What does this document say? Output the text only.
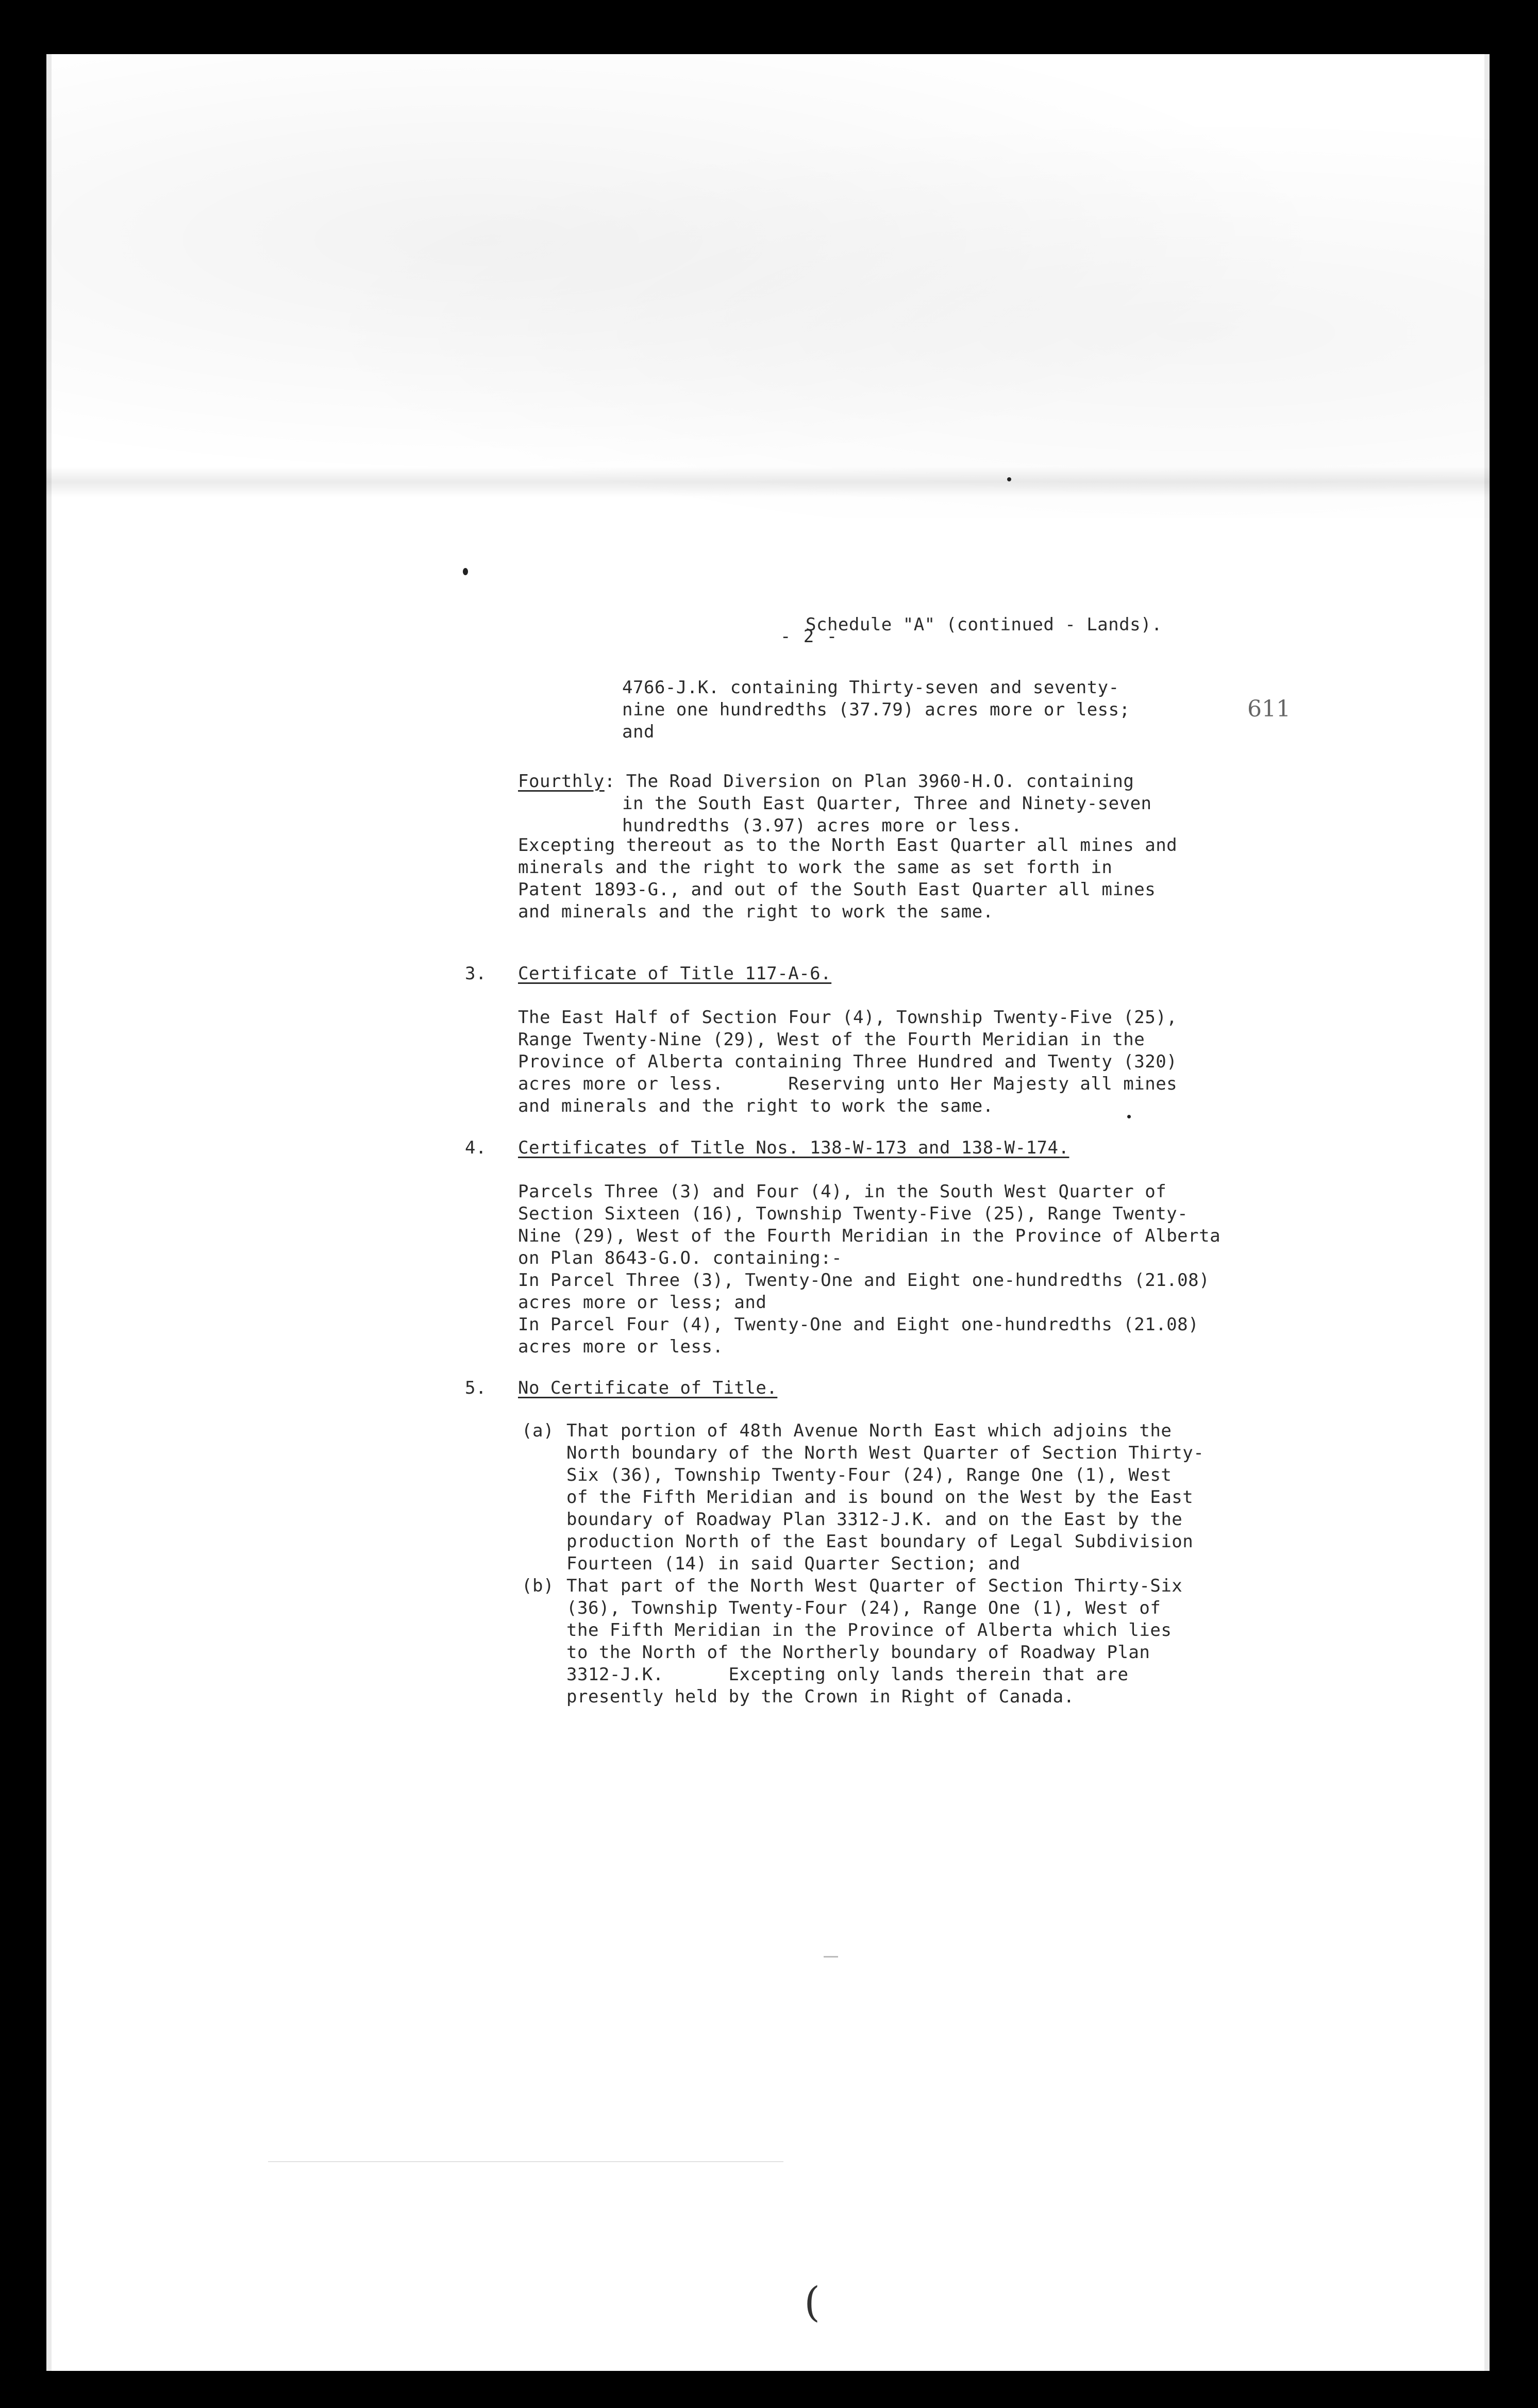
- 2 -
611
Schedule "A" (continued - Lands).
4766-J.K. containing Thirty-seven and seventy-
nine one hundredths (37.79) acres more or less;
and
Fourthly: The Road Diversion on Plan 3960-H.O. containing
in the South East Quarter, Three and Ninety-seven
hundredths (3.97) acres more or less.
Excepting thereout as to the North East Quarter all mines and
minerals and the right to work the same as set forth in
Patent 1893-G., and out of the South East Quarter all mines
and minerals and the right to work the same.
3. Certificate of Title 117-A-6.
The East Half of Section Four (4), Township Twenty-Five (25),
Range Twenty-Nine (29), West of the Fourth Meridian in the
Province of Alberta containing Three Hundred and Twenty (320)
acres more or less.      Reserving unto Her Majesty all mines
and minerals and the right to work the same.
4. Certificates of Title Nos. 138-W-173 and 138-W-174.
Parcels Three (3) and Four (4), in the South West Quarter of
Section Sixteen (16), Township Twenty-Five (25), Range Twenty-
Nine (29), West of the Fourth Meridian in the Province of Alberta
on Plan 8643-G.O. containing:-
In Parcel Three (3), Twenty-One and Eight one-hundredths (21.08)
acres more or less; and
In Parcel Four (4), Twenty-One and Eight one-hundredths (21.08)
acres more or less.
5. No Certificate of Title.
(a) That portion of 48th Avenue North East which adjoins the
North boundary of the North West Quarter of Section Thirty-
Six (36), Township Twenty-Four (24), Range One (1), West
of the Fifth Meridian and is bound on the West by the East
boundary of Roadway Plan 3312-J.K. and on the East by the
production North of the East boundary of Legal Subdivision
Fourteen (14) in said Quarter Section; and
(b) That part of the North West Quarter of Section Thirty-Six
(36), Township Twenty-Four (24), Range One (1), West of
the Fifth Meridian in the Province of Alberta which lies
to the North of the Northerly boundary of Roadway Plan
3312-J.K.      Excepting only lands therein that are
presently held by the Crown in Right of Canada.
(
